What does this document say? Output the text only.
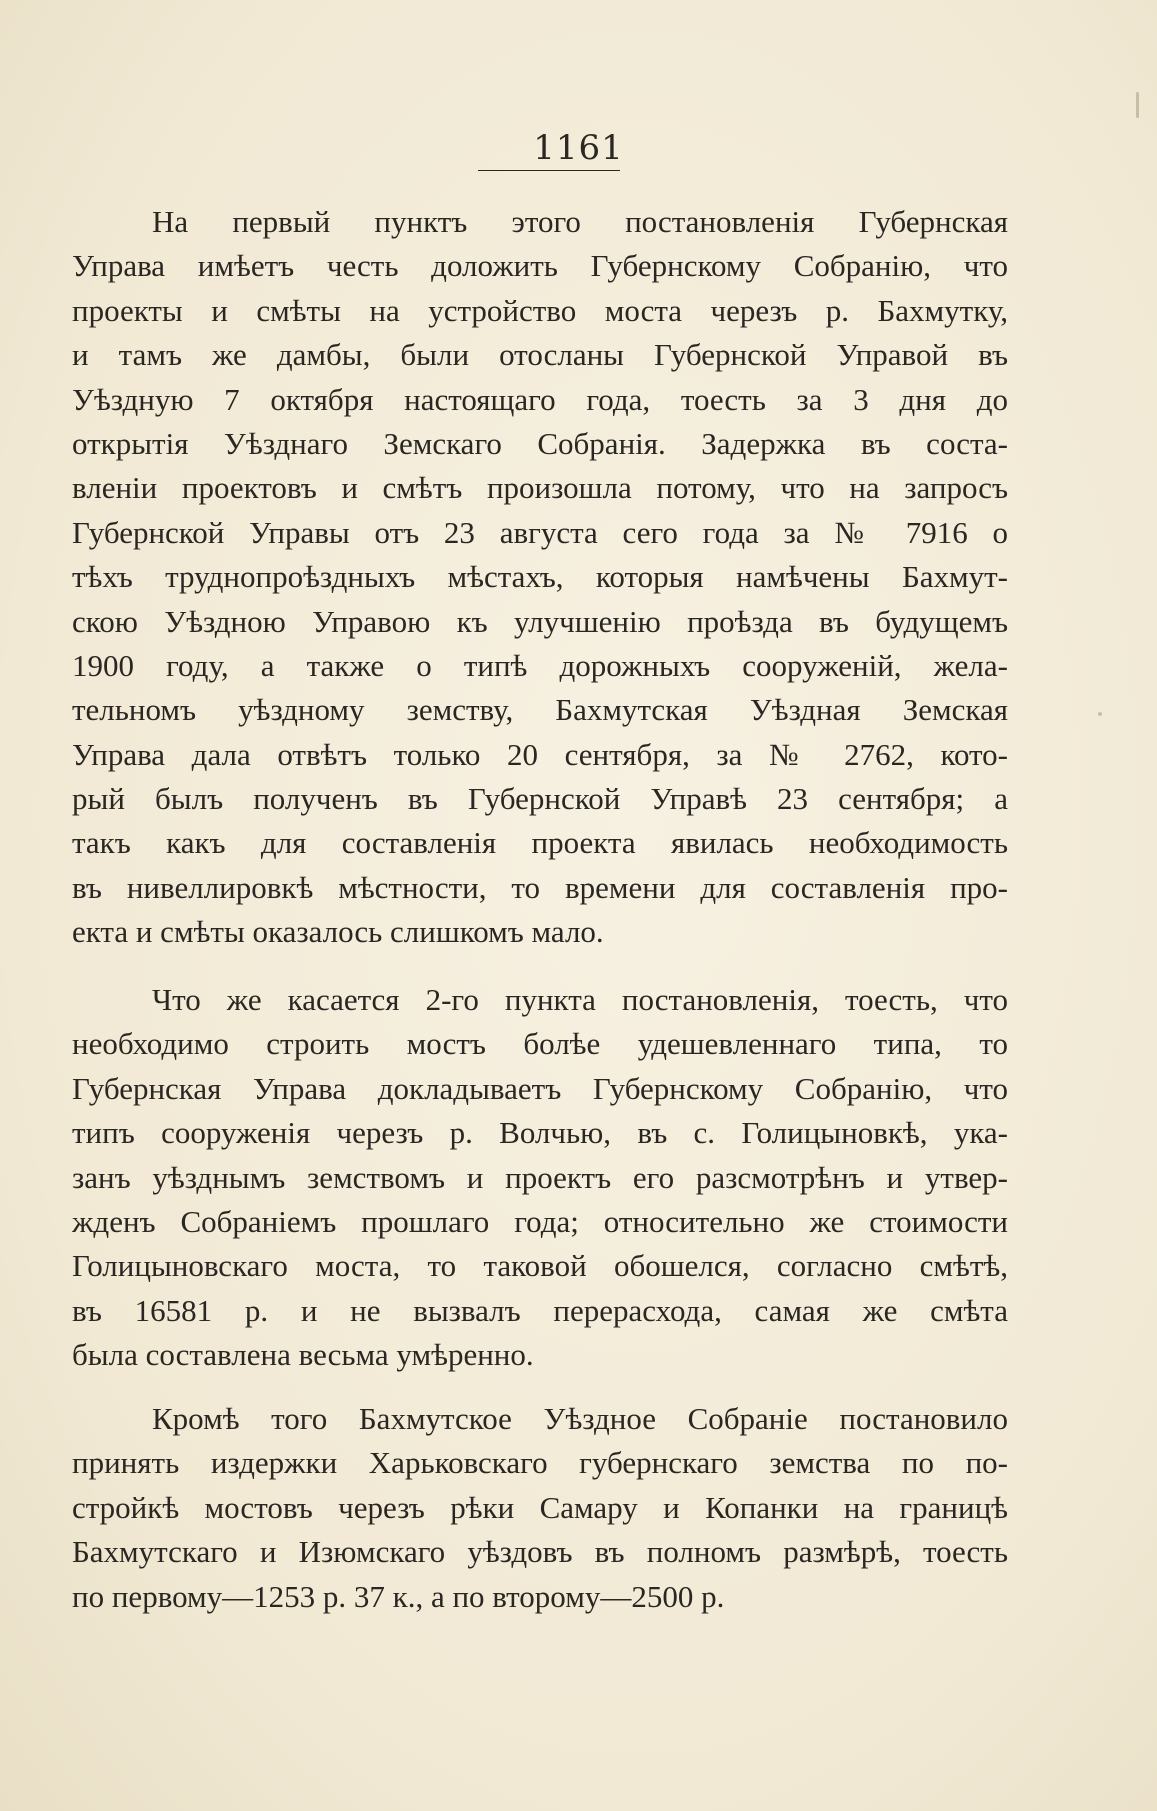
1161
На первый пунктъ этого постановленія Губернская
Управа имѣетъ честь доложить Губернскому Собранію, что
проекты и смѣты на устройство моста черезъ р. Бахмутку,
и тамъ же дамбы, были отосланы Губернской Управой въ
Уѣздную 7 октября настоящаго года, тоесть за 3 дня до
открытія Уѣзднаго Земскаго Собранія. Задержка въ соста-
вленіи проектовъ и смѣтъ произошла потому, что на запросъ
Губернской Управы отъ 23 августа сего года за № 7916 о
тѣхъ труднопроѣздныхъ мѣстахъ, которыя намѣчены Бахмут-
скою Уѣздною Управою къ улучшенію проѣзда въ будущемъ
1900 году, а также о типѣ дорожныхъ сооруженій, жела-
тельномъ уѣздному земству, Бахмутская Уѣздная Земская
Управа дала отвѣтъ только 20 сентября, за № 2762, кото-
рый былъ полученъ въ Губернской Управѣ 23 сентября; а
такъ какъ для составленія проекта явилась необходимость
въ нивеллировкѣ мѣстности, то времени для составленія про-
екта и смѣты оказалось слишкомъ мало.
Что же касается 2-го пункта постановленія, тоесть, что
необходимо строить мостъ болѣе удешевленнаго типа, то
Губернская Управа докладываетъ Губернскому Собранію, что
типъ сооруженія черезъ р. Волчью, въ с. Голицыновкѣ, ука-
занъ уѣзднымъ земствомъ и проектъ его разсмотрѣнъ и утвер-
жденъ Собраніемъ прошлаго года; относительно же стоимости
Голицыновскаго моста, то таковой обошелся, согласно смѣтѣ,
въ 16581 р. и не вызвалъ перерасхода, самая же смѣта
была составлена весьма умѣренно.
Кромѣ того Бахмутское Уѣздное Собраніе постановило
принять издержки Харьковскаго губернскаго земства по по-
стройкѣ мостовъ черезъ рѣки Самару и Копанки на границѣ
Бахмутскаго и Изюмскаго уѣздовъ въ полномъ размѣрѣ, тоесть
по первому—1253 р. 37 к., а по второму—2500 р.
